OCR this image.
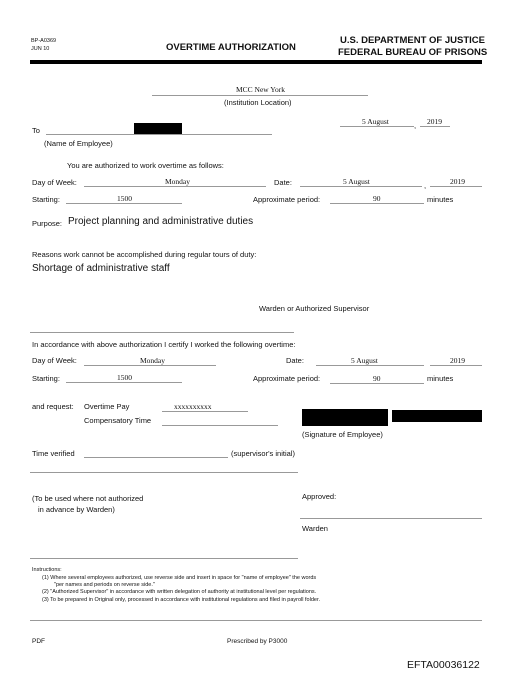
BP-A0369
JUN 10	OVERTIME AUTHORIZATION
U.S. DEPARTMENT OF JUSTICE
FEDERAL BUREAU OF PRISONS
MCC New York
(Institution Location)
5 August	, 2019
To
(Name of Employee)
You are authorized to work overtime as follows:
Day of Week:	Monday	Date:	5 August	,	2019
Starting:	1500	Approximate period:	90	minutes
Purpose: Project planning and administrative duties
Reasons work cannot be accomplished during regular tours of duty:
Shortage of administrative staff
Warden or Authorized Supervisor
In accordance with above authorization I certify I worked the following overtime:
Day of Week:	Monday	Date:	5 August	2019
Starting:	1500	Approximate period:	90	minutes
and request: Overtime Pay	xxxxxxxxxx
Compensatory Time
(Signature of Employee)
Time verified	(supervisor's initial)
(To be used where not authorized
in advance by Warden)
Approved:
Warden
Instructions:
(1) Where several employees authorized, use reverse side and insert in space for "name of employee" the words
"per names and periods on reverse side."
(2) "Authorized Supervisor" in accordance with written delegation of authority at institutional level per regulations.
(3) To be prepared in Original only, processed in accordance with institutional regulations and filed in payroll folder.
PDF	Prescribed by P3000
EFTA00036122
